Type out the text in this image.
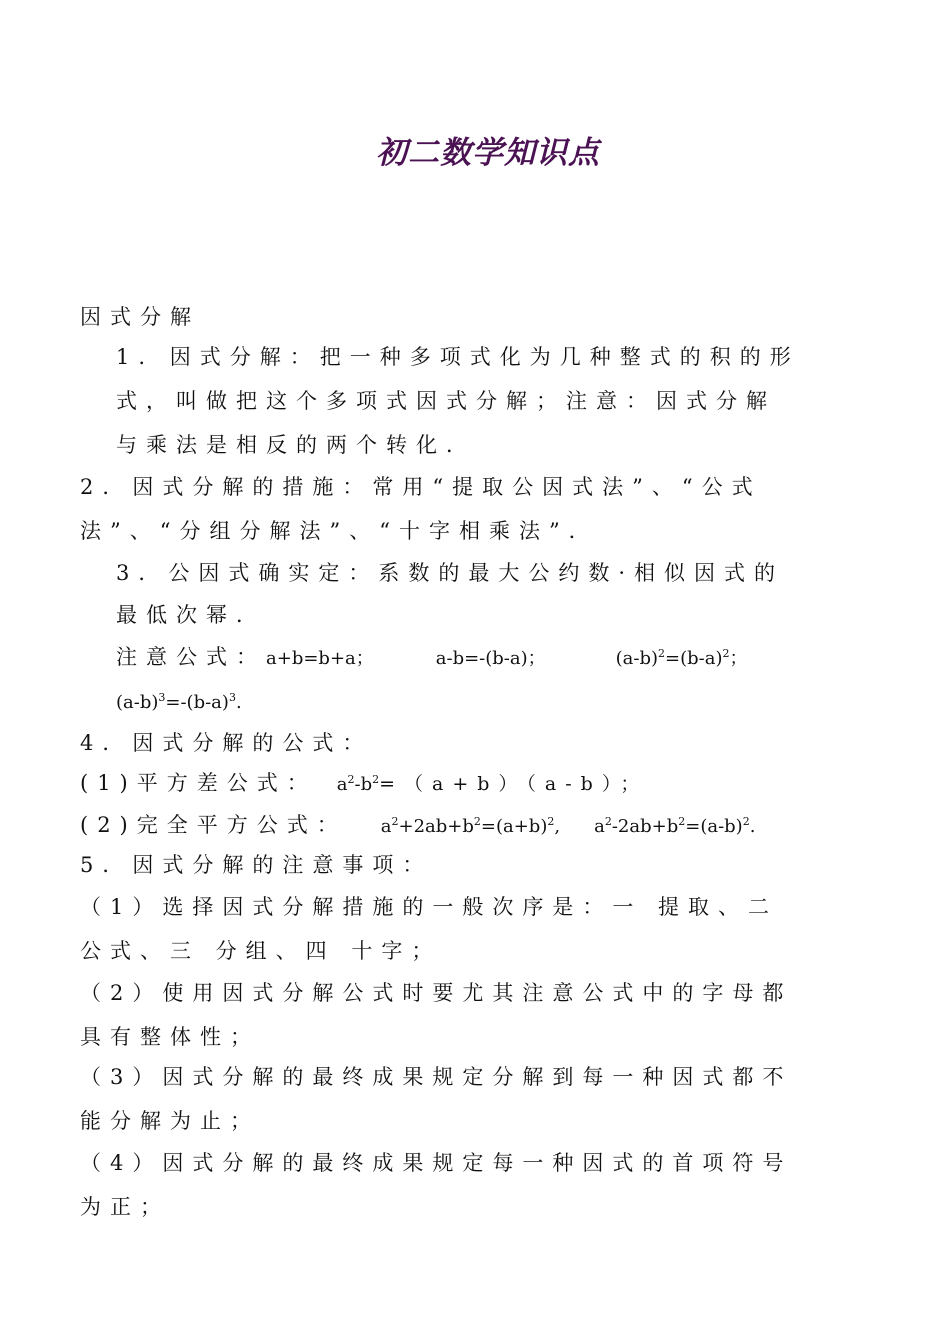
初二数学知识点
因式分解
1. 因式分解：把一种多项式化为几种整式的积的形
式，叫做把这个多项式因式分解；注意：因式分解
与乘法是相反的两个转化．
2．因式分解的措施：常用“提取公因式法”、“公式
法”、“分组分解法”、“十字相乘法”．
3．公因式确实定：系数的最大公约数·相似因式的
最低次幂．
注意公式：a+b=b+a；	a-b=-(b-a)；	$(a-b)^2=(b-a)^2$；
$(a-b)^3=-(b-a)^3$.
4．因式分解的公式：
(1)平方差公式： $a^2-b^2=(a+b)(a-b)$；
(2)完全平方公式： $a^2+2ab+b^2=(a+b)^2$, $a^2-2ab+b^2=(a-b)^2$.
5．因式分解的注意事项：
（1）选择因式分解措施的一般次序是：一 提取、二
公式、三 分组、四 十字；
（2）使用因式分解公式时要尤其注意公式中的字母都
具有整体性；
（3）因式分解的最终成果规定分解到每一种因式都不
能分解为止；
（4）因式分解的最终成果规定每一种因式的首项符号
为正；
